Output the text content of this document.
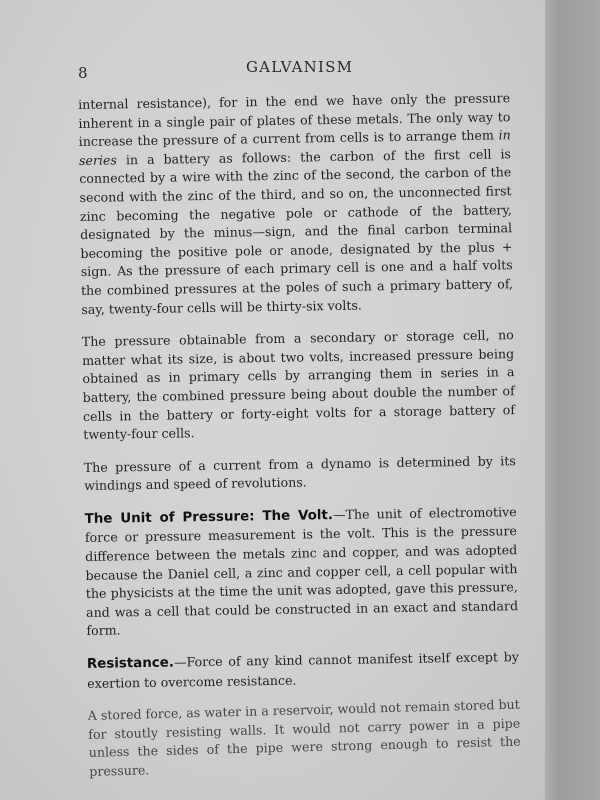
8	GALVANISM

internal resistance), for in the end we have only the pressure inherent in a single pair of plates of these metals. The only way to increase the pressure of a current from cells is to arrange them in series in a battery as follows: the carbon of the first cell is connected by a wire with the zinc of the second, the carbon of the second with the zinc of the third, and so on, the unconnected first zinc becoming the negative pole or cathode of the battery, designated by the minus—sign, and the final carbon terminal becoming the positive pole or anode, designated by the plus + sign. As the pressure of each primary cell is one and a half volts the combined pressures at the poles of such a primary battery of, say, twenty-four cells will be thirty-six volts.

The pressure obtainable from a secondary or storage cell, no matter what its size, is about two volts, increased pressure being obtained as in primary cells by arranging them in series in a battery, the combined pressure being about double the number of cells in the battery or forty-eight volts for a storage battery of twenty-four cells.

The pressure of a current from a dynamo is determined by its windings and speed of revolutions.

The Unit of Pressure: The Volt.—The unit of electromotive force or pressure measurement is the volt. This is the pressure difference between the metals zinc and copper, and was adopted because the Daniel cell, a zinc and copper cell, a cell popular with the physicists at the time the unit was adopted, gave this pressure, and was a cell that could be constructed in an exact and standard form.

Resistance.—Force of any kind cannot manifest itself except by exertion to overcome resistance.

A stored force, as water in a reservoir, would not remain stored but for stoutly resisting walls. It would not carry power in a pipe unless the sides of the pipe were strong enough to resist the pressure.
